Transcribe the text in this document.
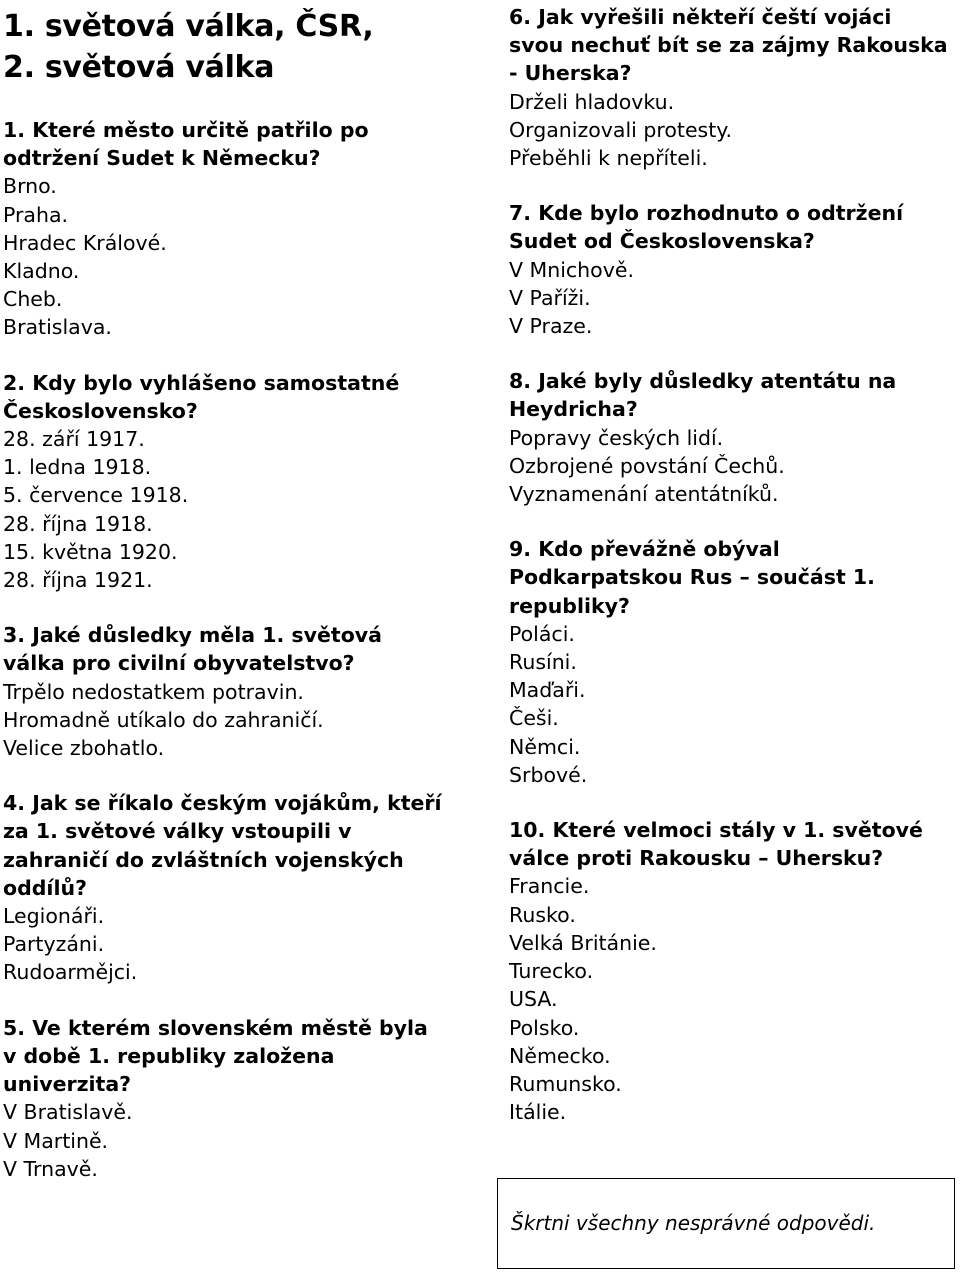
1. světová válka, ČSR,
2. světová válka
1. Které město určitě patřilo po
odtržení Sudet k Německu?
Brno.
Praha.
Hradec Králové.
Kladno.
Cheb.
Bratislava.
2. Kdy bylo vyhlášeno samostatné
Československo?
28. září 1917.
1. ledna 1918.
5. července 1918.
28. října 1918.
15. května 1920.
28. října 1921.
3. Jaké důsledky měla 1. světová
válka pro civilní obyvatelstvo?
Trpělo nedostatkem potravin.
Hromadně utíkalo do zahraničí.
Velice zbohatlo.
4. Jak se říkalo českým vojákům, kteří
za 1. světové války vstoupili v
zahraničí do zvláštních vojenských
oddílů?
Legionáři.
Partyzáni.
Rudoarmějci.
5. Ve kterém slovenském městě byla
v době 1. republiky založena
univerzita?
V Bratislavě.
V Martině.
V Trnavě.
6. Jak vyřešili někteří čeští vojáci
svou nechuť bít se za zájmy Rakouska
- Uherska?
Drželi hladovku.
Organizovali protesty.
Přeběhli k nepříteli.
7. Kde bylo rozhodnuto o odtržení
Sudet od Československa?
V Mnichově.
V Paříži.
V Praze.
8. Jaké byly důsledky atentátu na
Heydricha?
Popravy českých lidí.
Ozbrojené povstání Čechů.
Vyznamenání atentátníků.
9. Kdo převážně obýval
Podkarpatskou Rus – součást 1.
republiky?
Poláci.
Rusíni.
Maďaři.
Češi.
Němci.
Srbové.
10. Které velmoci stály v 1. světové
válce proti Rakousku – Uhersku?
Francie.
Rusko.
Velká Británie.
Turecko.
USA.
Polsko.
Německo.
Rumunsko.
Itálie.
Škrtni všechny nesprávné odpovědi.
